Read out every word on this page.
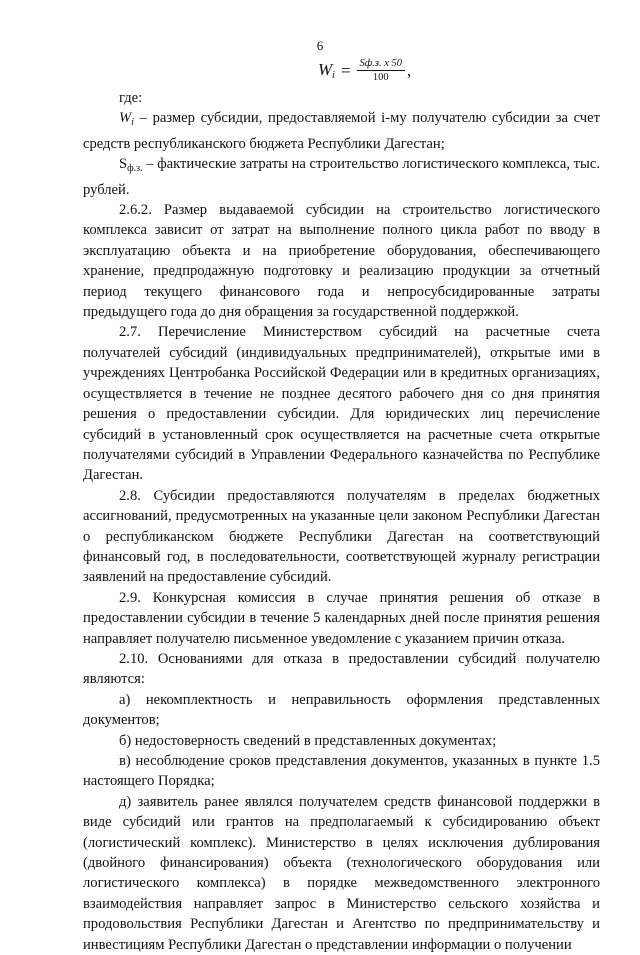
6
$W_i = \frac{Sф.з. x 50}{100}$ ,

где:

$W_i$ – размер субсидии, предоставляемой i-му получателю субсидии за счет средств республиканского бюджета Республики Дагестан;

$S_{ф.з.}$ – фактические затраты на строительство логистического комплекса, тыс. рублей.

2.6.2. Размер выдаваемой субсидии на строительство логистического комплекса зависит от затрат на выполнение полного цикла работ по вводу в эксплуатацию объекта и на приобретение оборудования, обеспечивающего хранение, предпродажную подготовку и реализацию продукции за отчетный период текущего финансового года и непросубсидированные затраты предыдущего года до дня обращения за государственной поддержкой.

2.7. Перечисление Министерством субсидий на расчетные счета получателей субсидий (индивидуальных предпринимателей), открытые ими в учреждениях Центробанка Российской Федерации или в кредитных организациях, осуществляется в течение не позднее десятого рабочего дня со дня принятия решения о предоставлении субсидии. Для юридических лиц перечисление субсидий в установленный срок осуществляется на расчетные счета открытые получателями субсидий в Управлении Федерального казначейства по Республике Дагестан.

2.8. Субсидии предоставляются получателям в пределах бюджетных ассигнований, предусмотренных на указанные цели законом Республики Дагестан о республиканском бюджете Республики Дагестан на соответствующий финансовый год, в последовательности, соответствующей журналу регистрации заявлений на предоставление субсидий.

2.9. Конкурсная комиссия в случае принятия решения об отказе в предоставлении субсидии в течение 5 календарных дней после принятия решения направляет получателю письменное уведомление с указанием причин отказа.

2.10. Основаниями для отказа в предоставлении субсидий получателю являются:

а) некомплектность и неправильность оформления представленных документов;

б) недостоверность сведений в представленных документах;

в) несоблюдение сроков представления документов, указанных в пункте 1.5 настоящего Порядка;

д) заявитель ранее являлся получателем средств финансовой поддержки в виде субсидий или грантов на предполагаемый к субсидированию объект (логистический комплекс). Министерство в целях исключения дублирования (двойного финансирования) объекта (технологического оборудования или логистического комплекса) в порядке межведомственного электронного взаимодействия направляет запрос в Министерство сельского хозяйства и продовольствия Республики Дагестан и Агентство по предпринимательству и инвестициям Республики Дагестан о представлении информации о получении
